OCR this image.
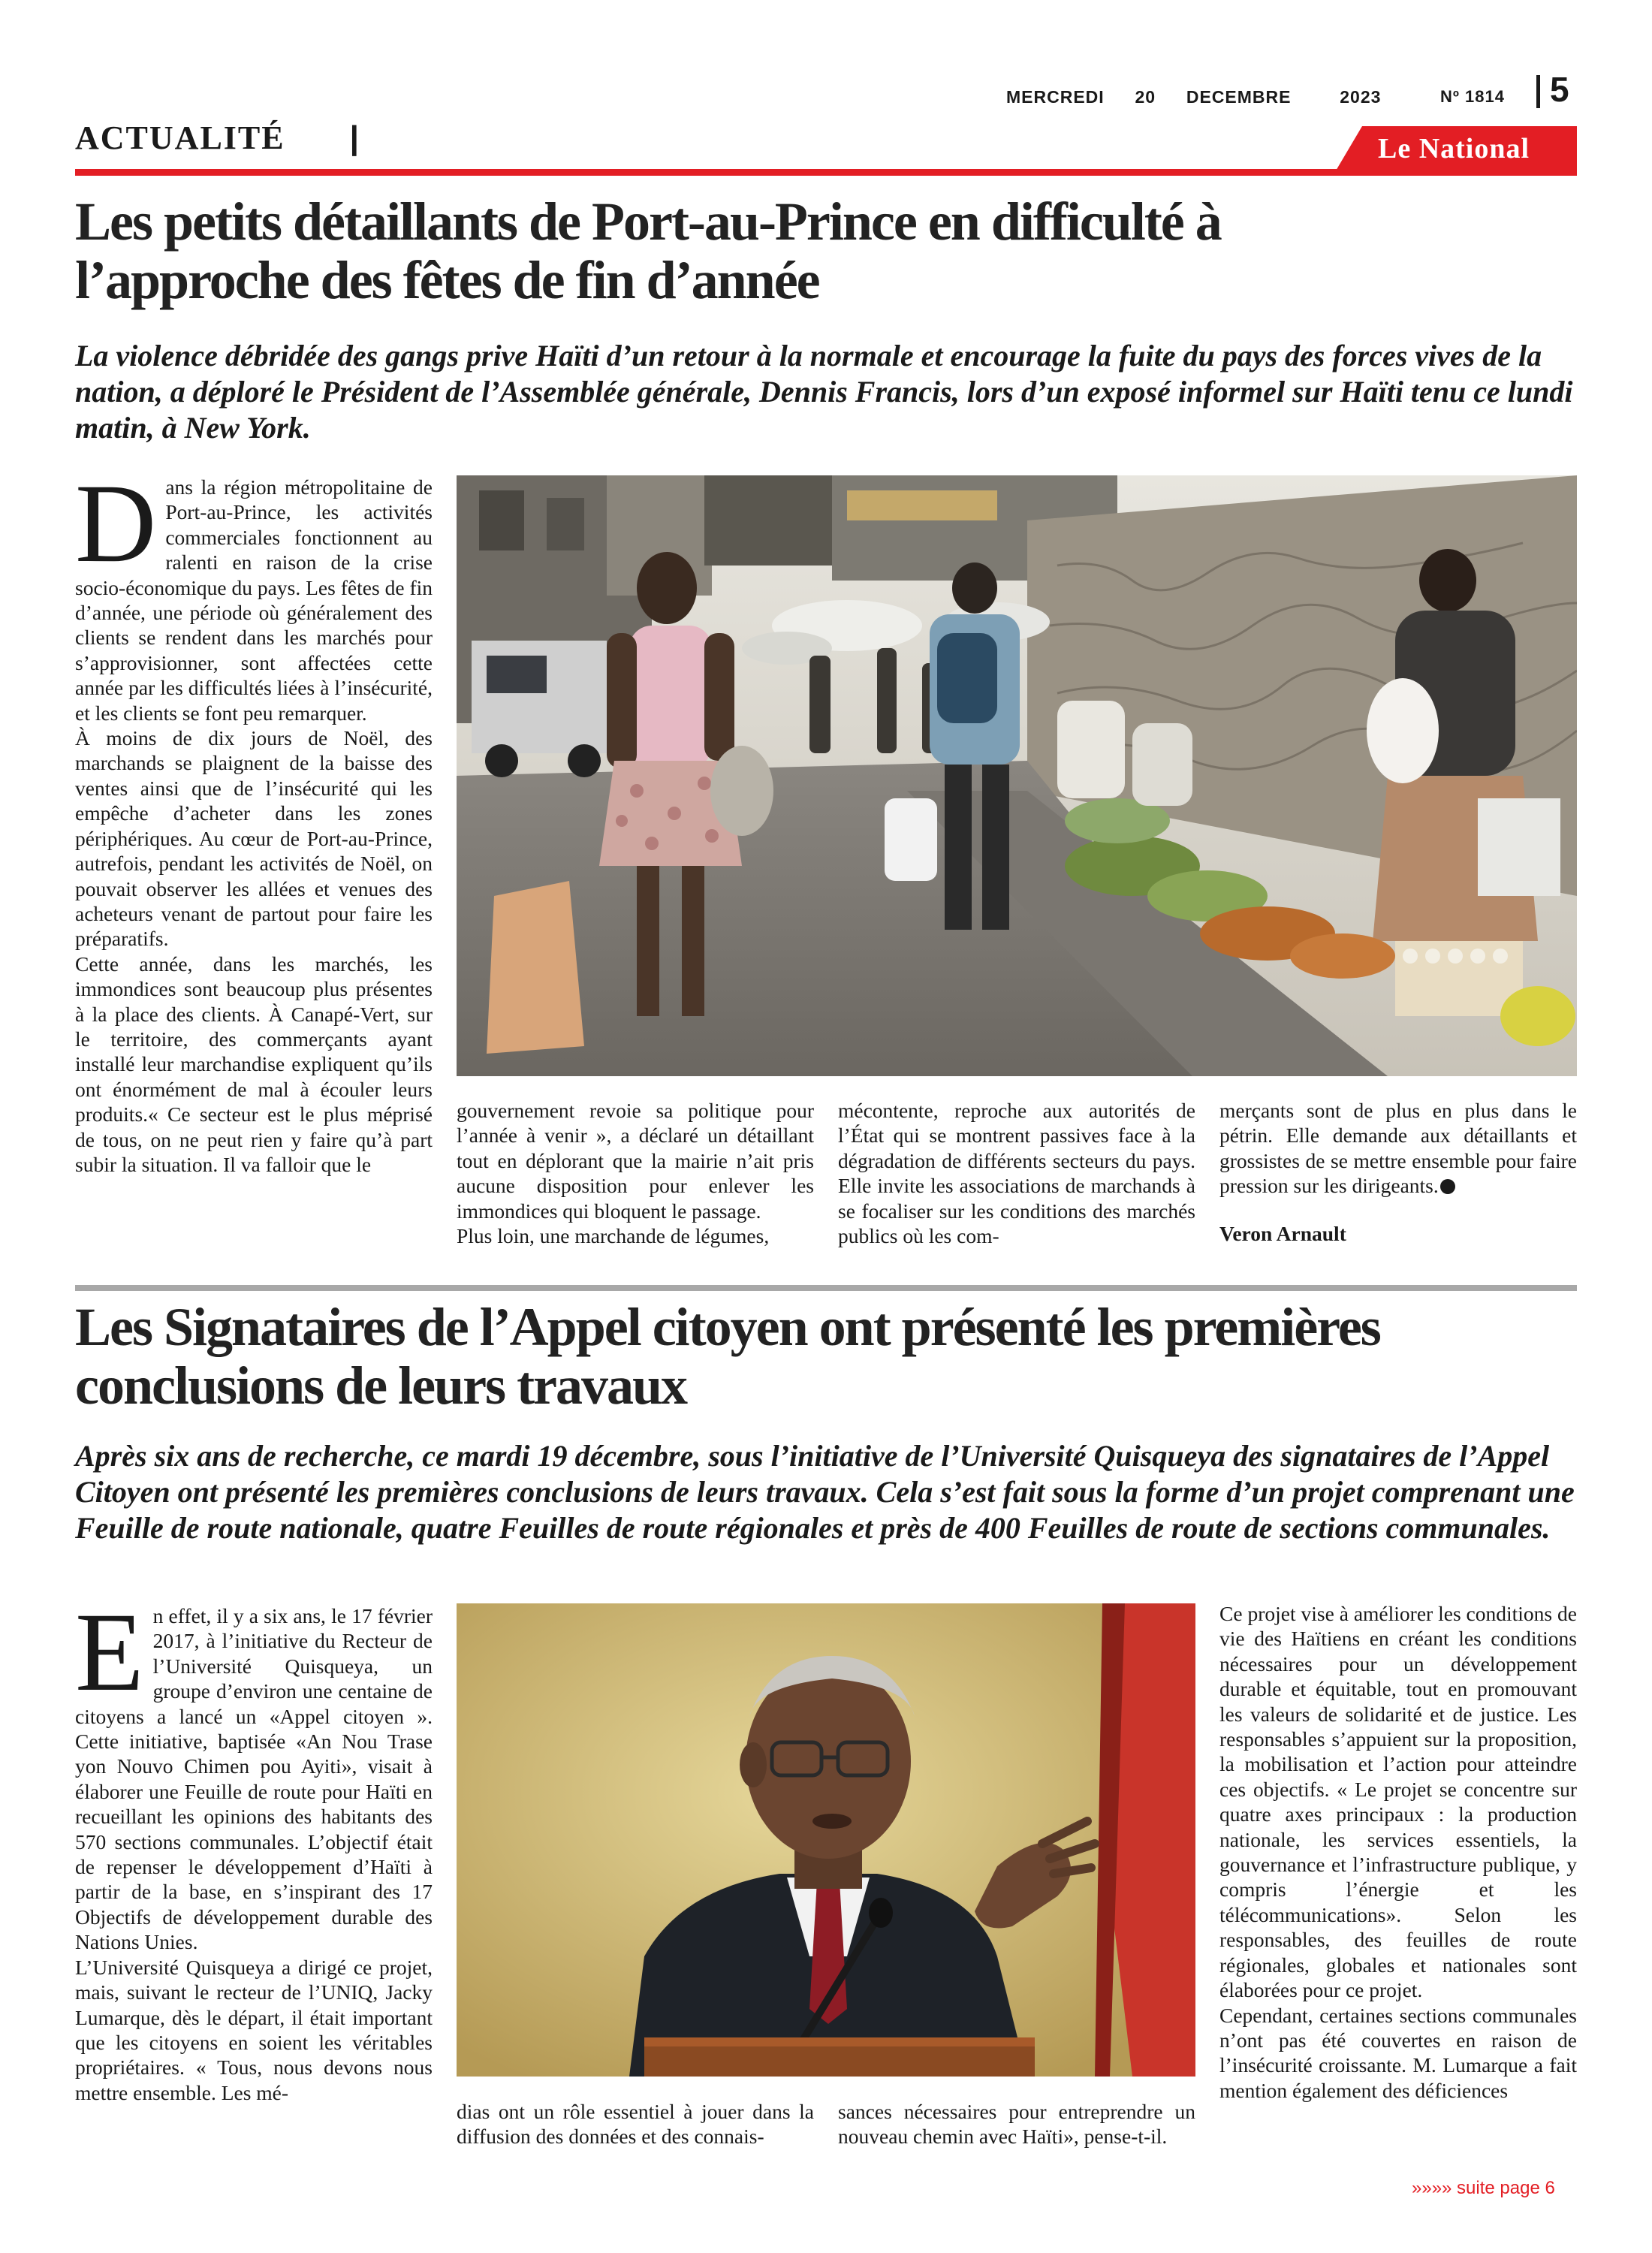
MERCREDI 20 DECEMBRE	2023	Nº 1814 5
ACTUALITÉ |	Le National
Les petits détaillants de Port-au-Prince en difficulté à
l’approche des fêtes de fin d’année
La violence débridée des gangs prive Haïti d’un retour à la normale et encourage la fuite du pays des forces vives de la nation, a déploré le Président de l’Assemblée générale, Dennis Francis, lors d’un exposé informel sur Haïti tenu ce lundi matin, à New York.
D ans la région métropolitaine de Port-au-Prince, les activités commerciales fonctionnent au ralenti en raison de la crise socio-économique du pays. Les fêtes de fin d’année, une période où généralement des clients se rendent dans les marchés pour s’approvisionner, sont affectées cette année par les difficultés liées à l’insécurité, et les clients se font peu remarquer.

À moins de dix jours de Noël, des marchands se plaignent de la baisse des ventes ainsi que de l’insécurité qui les empêche d’acheter dans les zones périphériques. Au cœur de Port-au-Prince, autrefois, pendant les activités de Noël, on pouvait observer les allées et venues des acheteurs venant de partout pour faire les préparatifs.

Cette année, dans les marchés, les immondices sont beaucoup plus présentes à la place des clients. À Canapé-Vert, sur le territoire, des commerçants ayant installé leur marchandise expliquent qu’ils ont énormément de mal à écouler leurs produits.« Ce secteur est le plus méprisé de tous, on ne peut rien y faire qu’à part subir la situation. Il va falloir que le

gouvernement revoie sa politique pour l’année à venir », a déclaré un détaillant tout en déplorant que la mairie n’ait pris aucune disposition pour enlever les immondices qui bloquent le passage.

Plus loin, une marchande de légumes,

mécontente, reproche aux autorités de l’État qui se montrent passives face à la dégradation de différents secteurs du pays. Elle invite les associations de marchands à se focaliser sur les conditions des marchés publics où les com-

merçants sont de plus en plus dans le pétrin. Elle demande aux détaillants et grossistes de se mettre ensemble pour faire pression sur les dirigeants.

Veron Arnault

Les Signataires de l’Appel citoyen ont présenté les premières
conclusions de leurs travaux
Après six ans de recherche, ce mardi 19 décembre, sous l’initiative de l’Université Quisqueya des signataires de l’Appel Citoyen ont présenté les premières conclusions de leurs travaux. Cela s’est fait sous la forme d’un projet comprenant une Feuille de route nationale, quatre Feuilles de route régionales et près de 400 Feuilles de route de sections communales.
E n effet, il y a six ans, le 17 février 2017, à l’initiative du Recteur de l’Université Quisqueya, un groupe d’environ une centaine de citoyens a lancé un «Appel citoyen ». Cette initiative, baptisée «An Nou Trase yon Nouvo Chimen pou Ayiti», visait à élaborer une Feuille de route pour Haïti en recueillant les opinions des habitants des 570 sections communales. L’objectif était de repenser le développement d’Haïti à partir de la base, en s’inspirant des 17 Objectifs de développement durable des Nations Unies.

L’Université Quisqueya a dirigé ce projet, mais, suivant le recteur de l’UNIQ, Jacky Lumarque, dès le départ, il était important que les citoyens en soient les véritables propriétaires. « Tous, nous devons nous mettre ensemble. Les mé-

dias ont un rôle essentiel à jouer dans la diffusion des données et des connais-

sances nécessaires pour entreprendre un nouveau chemin avec Haïti», pense-t-il.

Ce projet vise à améliorer les conditions de vie des Haïtiens en créant les conditions nécessaires pour un développement durable et équitable, tout en promouvant les valeurs de solidarité et de justice. Les responsables s’appuient sur la proposition, la mobilisation et l’action pour atteindre ces objectifs. « Le projet se concentre sur quatre axes principaux : la production nationale, les services essentiels, la gouvernance et l’infrastructure publique, y compris l’énergie et les télécommunications». Selon les responsables, des feuilles de route régionales, globales et nationales sont élaborées pour ce projet.

Cependant, certaines sections communales n’ont pas été couvertes en raison de l’insécurité croissante. M. Lumarque a fait mention également des déficiences

»»»» suite page 6
